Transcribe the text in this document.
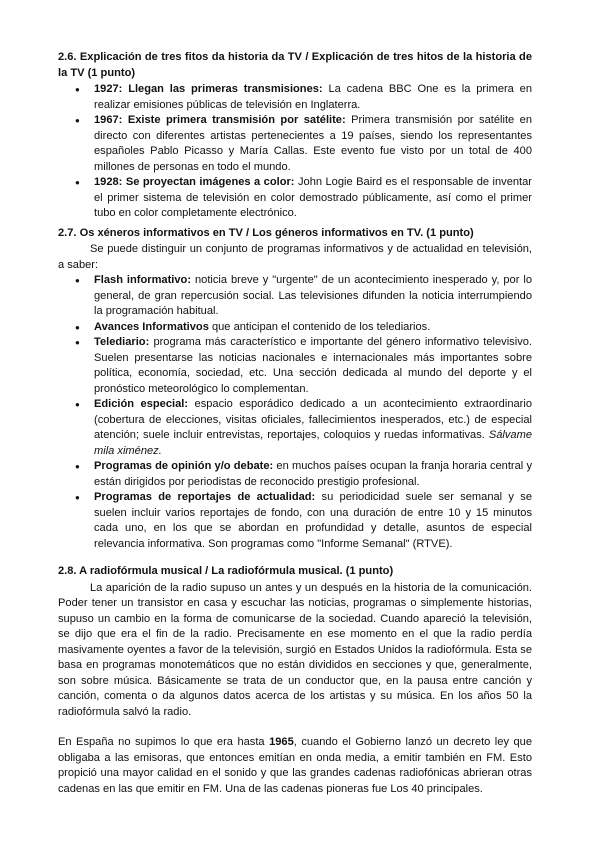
2.6. Explicación de tres fitos da historia da TV / Explicación de tres hitos de la historia de la TV (1 punto)
● 1927: Llegan las primeras transmisiones: La cadena BBC One es la primera en realizar emisiones públicas de televisión en Inglaterra.
● 1967: Existe primera transmisión por satélite: Primera transmisión por satélite en directo con diferentes artistas pertenecientes a 19 países, siendo los representantes españoles Pablo Picasso y María Callas. Este evento fue visto por un total de 400 millones de personas en todo el mundo.
● 1928: Se proyectan imágenes a color: John Logie Baird es el responsable de inventar el primer sistema de televisión en color demostrado públicamente, así como el primer tubo en color completamente electrónico.
2.7. Os xéneros informativos en TV / Los géneros informativos en TV. (1 punto)

Se puede distinguir un conjunto de programas informativos y de actualidad en televisión, a saber:

● Flash informativo: noticia breve y "urgente" de un acontecimiento inesperado y, por lo general, de gran repercusión social. Las televisiones difunden la noticia interrumpiendo la programación habitual.
● Avances Informativos que anticipan el contenido de los telediarios.
● Telediario: programa más característico e importante del género informativo televisivo. Suelen presentarse las noticias nacionales e internacionales más importantes sobre política, economía, sociedad, etc. Una sección dedicada al mundo del deporte y el pronóstico meteorológico lo complementan.
● Edición especial: espacio esporádico dedicado a un acontecimiento extraordinario (cobertura de elecciones, visitas oficiales, fallecimientos inesperados, etc.) de especial atención; suele incluir entrevistas, reportajes, coloquios y ruedas informativas. Sálvame mila ximénez.
● Programas de opinión y/o debate: en muchos países ocupan la franja horaria central y están dirigidos por periodistas de reconocido prestigio profesional.
● Programas de reportajes de actualidad: su periodicidad suele ser semanal y se suelen incluir varios reportajes de fondo, con una duración de entre 10 y 15 minutos cada uno, en los que se abordan en profundidad y detalle, asuntos de especial relevancia informativa. Son programas como "Informe Semanal" (RTVE).
2.8. A radiofórmula musical / La radiofórmula musical. (1 punto)

La aparición de la radio supuso un antes y un después en la historia de la comunicación. Poder tener un transistor en casa y escuchar las noticias, programas o simplemente historias, supuso un cambio en la forma de comunicarse de la sociedad. Cuando apareció la televisión, se dijo que era el fin de la radio. Precisamente en ese momento en el que la radio perdía masivamente oyentes a favor de la televisión, surgió en Estados Unidos la radiofórmula. Esta se basa en programas monotemáticos que no están divididos en secciones y que, generalmente, son sobre música. Básicamente se trata de un conductor que, en la pausa entre canción y canción, comenta o da algunos datos acerca de los artistas y su música. En los años 50 la radiofórmula salvó la radio.

En España no supimos lo que era hasta 1965, cuando el Gobierno lanzó un decreto ley que obligaba a las emisoras, que entonces emitían en onda media, a emitir también en FM. Esto propició una mayor calidad en el sonido y que las grandes cadenas radiofónicas abrieran otras cadenas en las que emitir en FM. Una de las cadenas pioneras fue Los 40 principales.
